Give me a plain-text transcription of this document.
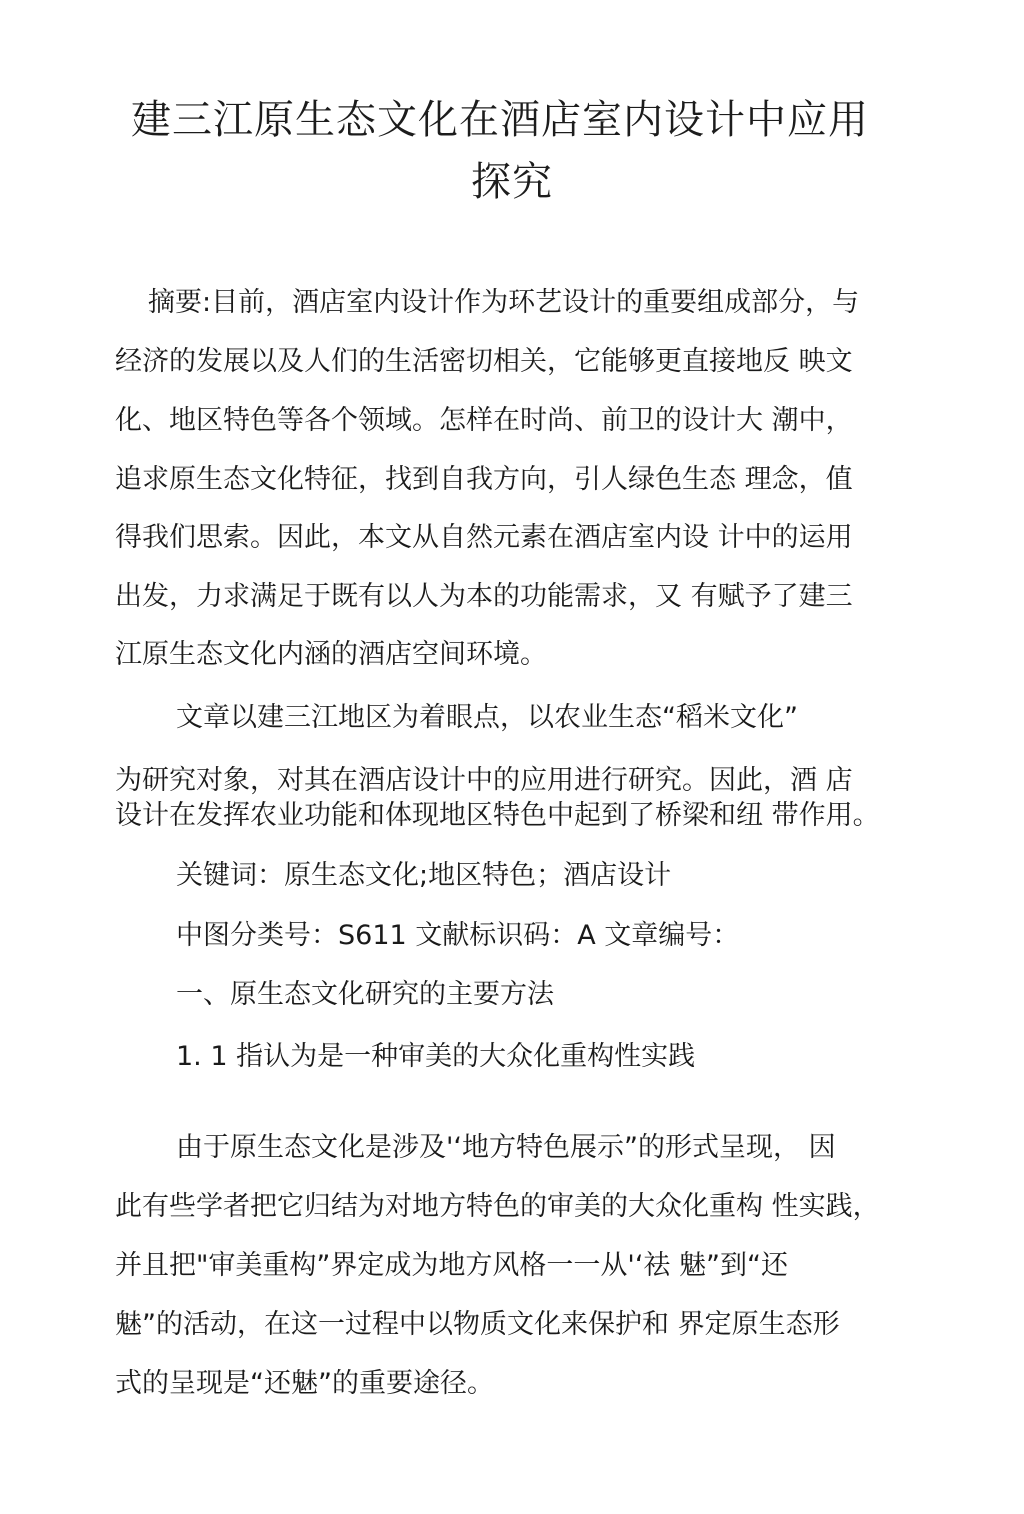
建三江原生态文化在酒店室内设计中应用
探究
摘要:目前，酒店室内设计作为环艺设计的重要组成部分，与
经济的发展以及人们的生活密切相关，它能够更直接地反 映文
化、地区特色等各个领域。怎样在时尚、前卫的设计大 潮中，
追求原生态文化特征，找到自我方向，引人绿色生态 理念，值
得我们思索。因此，本文从自然元素在酒店室内设 计中的运用
出发，力求满足于既有以人为本的功能需求，又 有赋予了建三
江原生态文化内涵的酒店空间环境。
文章以建三江地区为着眼点，以农业生态“稻米文化”
为研究对象，对其在酒店设计中的应用进行研究。因此，酒 店
设计在发挥农业功能和体现地区特色中起到了桥梁和纽 带作用。
关键词：原生态文化;地区特色；酒店设计
中图分类号：S611 文献标识码：A 文章编号：
一、原生态文化研究的主要方法
1. 1 指认为是一种审美的大众化重构性实践
由于原生态文化是涉及'‘地方特色展示”的形式呈现， 因
此有些学者把它归结为对地方特色的审美的大众化重构 性实践，
并且把"审美重构”界定成为地方风格一一从'‘祛 魅”到“还
魅”的活动，在这一过程中以物质文化来保护和 界定原生态形
式的呈现是“还魅”的重要途径。
